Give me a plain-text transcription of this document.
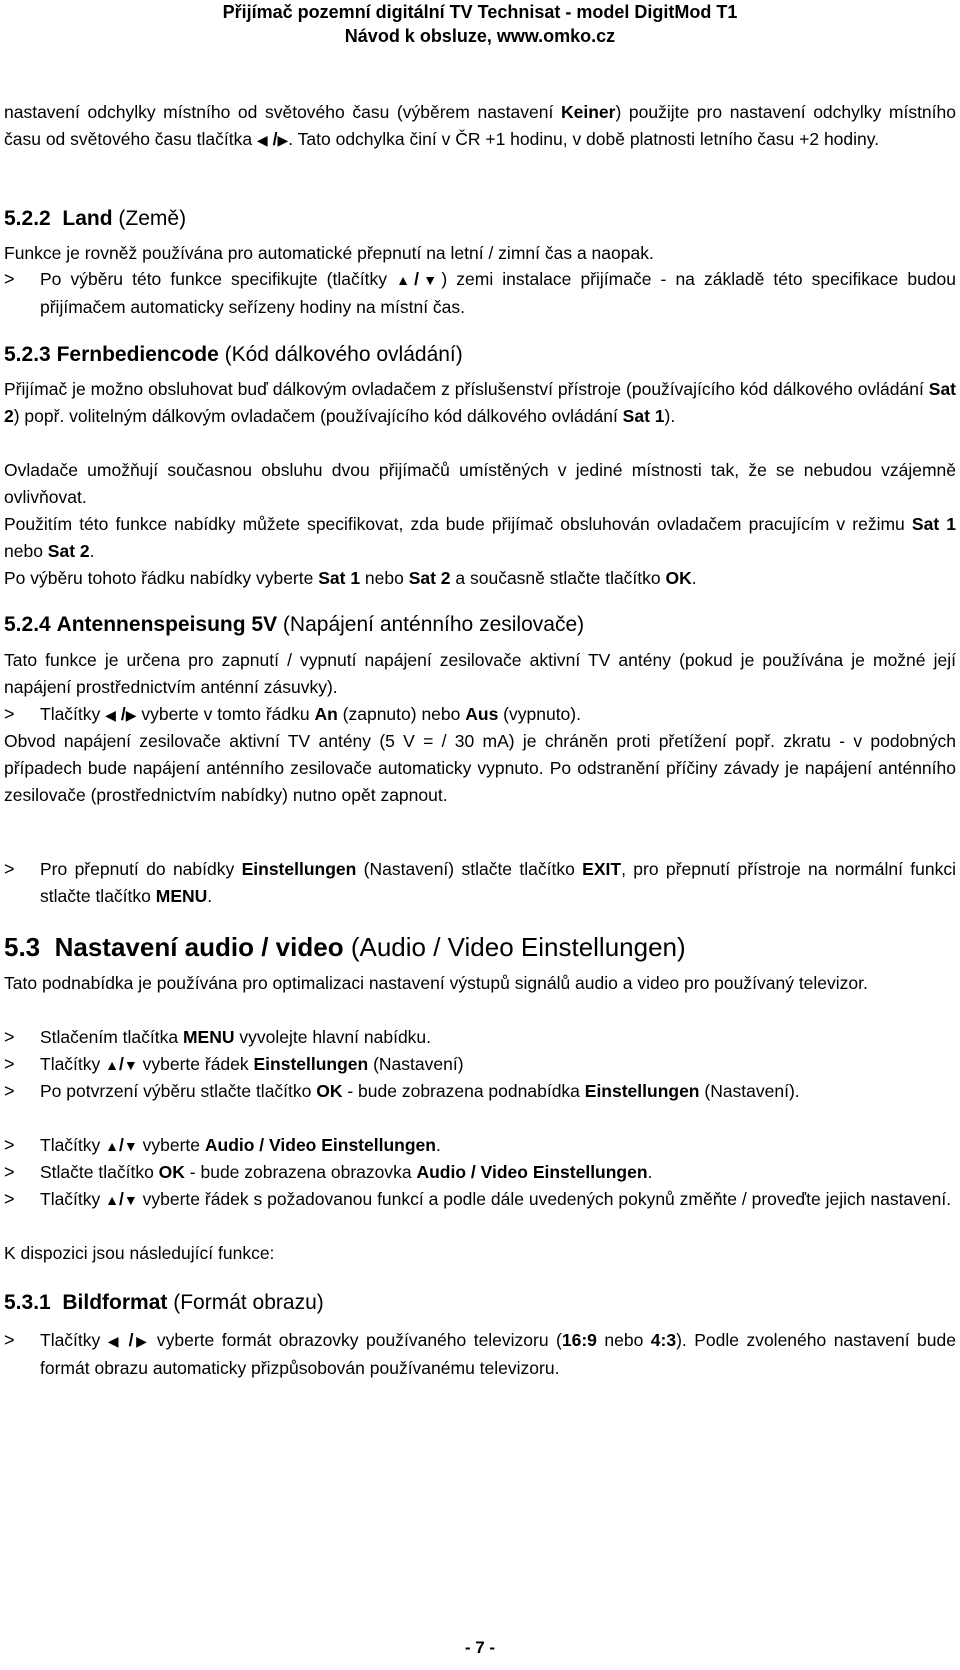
Přijímač pozemní digitální TV Technisat - model DigitMod T1
Návod k obsluze, www.omko.cz
nastavení odchylky místního od světového času (výběrem nastavení Keiner) použijte pro nastavení odchylky místního času od světového času tlačítka ◀ /▶. Tato odchylka činí v ČR +1 hodinu, v době platnosti letního času +2 hodiny.
5.2.2 Land (Země)
Funkce je rovněž používána pro automatické přepnutí na letní / zimní čas a naopak.
>	Po výběru této funkce specifikujte (tlačítky ▲/▼) zemi instalace přijímače - na základě této specifikace budou přijímačem automaticky seřízeny hodiny na místní čas.
5.2.3 Fernbediencode (Kód dálkového ovládání)
Přijímač je možno obsluhovat buď dálkovým ovladačem z příslušenství přístroje (používajícího kód dálkového ovládání Sat 2) popř. volitelným dálkovým ovladačem (používajícího kód dálkového ovládání Sat 1).
Ovladače umožňují současnou obsluhu dvou přijímačů umístěných v jediné místnosti tak, že se nebudou vzájemně ovlivňovat.
Použitím této funkce nabídky můžete specifikovat, zda bude přijímač obsluhován ovladačem pracujícím v režimu Sat 1 nebo Sat 2.
Po výběru tohoto řádku nabídky vyberte Sat 1 nebo Sat 2 a současně stlačte tlačítko OK.
5.2.4 Antennenspeisung 5V (Napájení anténního zesilovače)
Tato funkce je určena pro zapnutí / vypnutí napájení zesilovače aktivní TV antény (pokud je používána je možné její napájení prostřednictvím anténní zásuvky).
>	Tlačítky ◀ /▶ vyberte v tomto řádku An (zapnuto) nebo Aus (vypnuto).
Obvod napájení zesilovače aktivní TV antény (5 V = / 30 mA) je chráněn proti přetížení popř. zkratu - v podobných případech bude napájení anténního zesilovače automaticky vypnuto. Po odstranění příčiny závady je napájení anténního zesilovače (prostřednictvím nabídky) nutno opět zapnout.
>	Pro přepnutí do nabídky Einstellungen (Nastavení) stlačte tlačítko EXIT, pro přepnutí přístroje na normální funkci stlačte tlačítko MENU.
5.3 Nastavení audio / video (Audio / Video Einstellungen)
Tato podnabídka je používána pro optimalizaci nastavení výstupů signálů audio a video pro používaný televizor.
>	Stlačením tlačítka MENU vyvolejte hlavní nabídku.
>	Tlačítky ▲/▼ vyberte řádek Einstellungen (Nastavení)
>	Po potvrzení výběru stlačte tlačítko OK - bude zobrazena podnabídka Einstellungen (Nastavení).
>	Tlačítky ▲/▼ vyberte Audio / Video Einstellungen.
>	Stlačte tlačítko OK - bude zobrazena obrazovka Audio / Video Einstellungen.
>	Tlačítky ▲/▼ vyberte řádek s požadovanou funkcí a podle dále uvedených pokynů změňte / proveďte jejich nastavení.
K dispozici jsou následující funkce:
5.3.1 Bildformat (Formát obrazu)
>	Tlačítky ◀ /▶ vyberte formát obrazovky používaného televizoru (16:9 nebo 4:3). Podle zvoleného nastavení bude formát obrazu automaticky přizpůsobován používanému televizoru.
- 7 -
